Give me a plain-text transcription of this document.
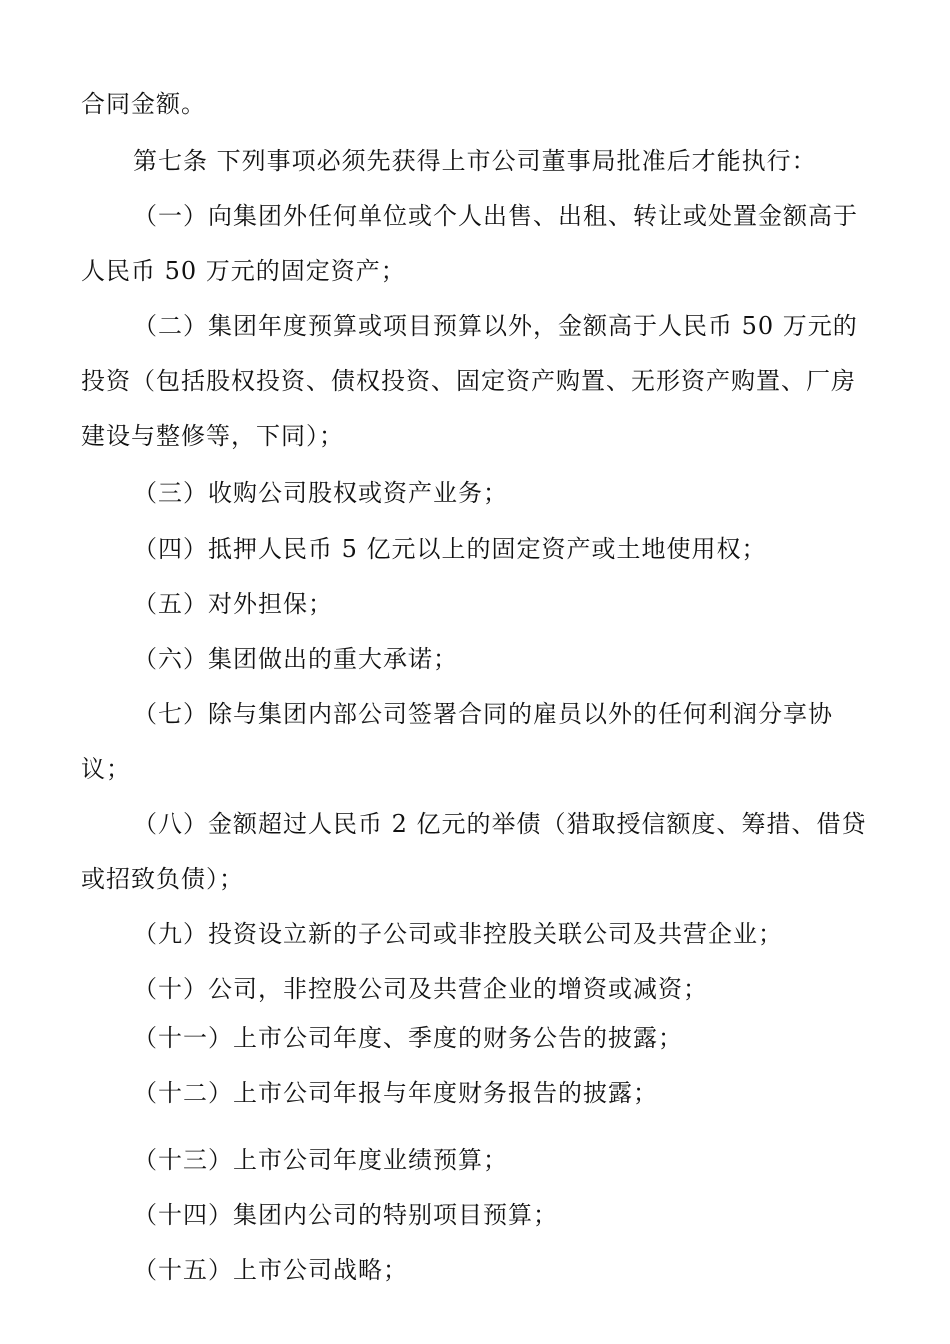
合同金额。
第七条 下列事项必须先获得上市公司董事局批准后才能执行：
（一）向集团外任何单位或个人出售、出租、转让或处置金额高于
人民币 50 万元的固定资产；
（二）集团年度预算或项目预算以外，金额高于人民币 50 万元的
投资（包括股权投资、债权投资、固定资产购置、无形资产购置、厂房
建设与整修等，下同）；
（三）收购公司股权或资产业务；
（四）抵押人民币 5 亿元以上的固定资产或土地使用权；
（五）对外担保；
（六）集团做出的重大承诺；
（七）除与集团内部公司签署合同的雇员以外的任何利润分享协
议；
（八）金额超过人民币 2 亿元的举债（猎取授信额度、筹措、借贷
或招致负债）；
（九）投资设立新的子公司或非控股关联公司及共营企业；
（十）公司，非控股公司及共营企业的增资或减资；
（十一）上市公司年度、季度的财务公告的披露；
（十二）上市公司年报与年度财务报告的披露；
（十三）上市公司年度业绩预算；
（十四）集团内公司的特别项目预算；
（十五）上市公司战略；
